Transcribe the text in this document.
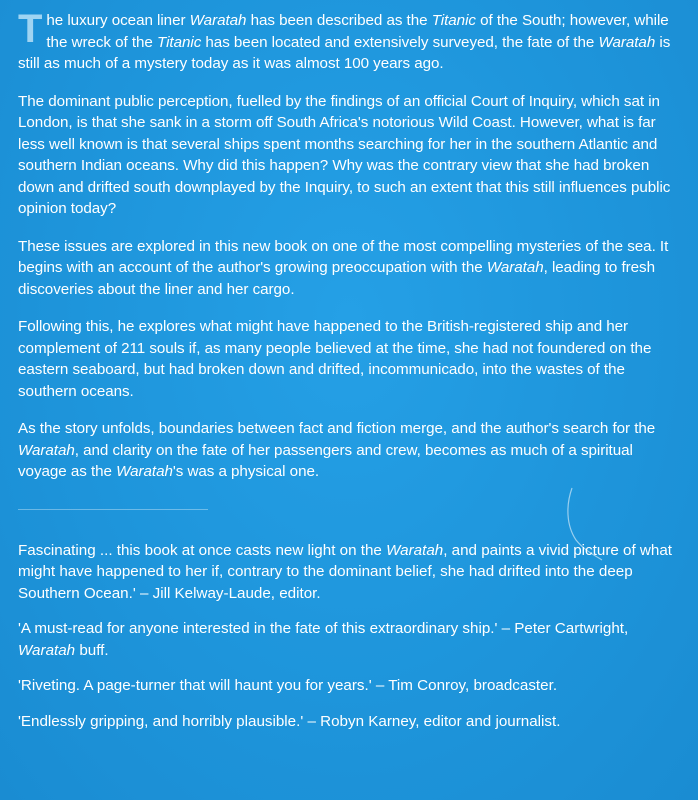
The luxury ocean liner Waratah has been described as the Titanic of the South; however, while the wreck of the Titanic has been located and extensively surveyed, the fate of the Waratah is still as much of a mystery today as it was almost 100 years ago.

The dominant public perception, fuelled by the findings of an official Court of Inquiry, which sat in London, is that she sank in a storm off South Africa's notorious Wild Coast. However, what is far less well known is that several ships spent months searching for her in the southern Atlantic and southern Indian oceans. Why did this happen? Why was the contrary view that she had broken down and drifted south downplayed by the Inquiry, to such an extent that this still influences public opinion today?

These issues are explored in this new book on one of the most compelling mysteries of the sea. It begins with an account of the author's growing preoccupation with the Waratah, leading to fresh discoveries about the liner and her cargo.

Following this, he explores what might have happened to the British-registered ship and her complement of 211 souls if, as many people believed at the time, she had not foundered on the eastern seaboard, but had broken down and drifted, incommunicado, into the wastes of the southern oceans.

As the story unfolds, boundaries between fact and fiction merge, and the author's search for the Waratah, and clarity on the fate of her passengers and crew, becomes as much of a spiritual voyage as the Waratah's was a physical one.

Fascinating ... this book at once casts new light on the Waratah, and paints a vivid picture of what might have happened to her if, contrary to the dominant belief, she had drifted into the deep Southern Ocean.' – Jill Kelway-Laude, editor.

'A must-read for anyone interested in the fate of this extraordinary ship.' – Peter Cartwright, Waratah buff.

'Riveting. A page-turner that will haunt you for years.' – Tim Conroy, broadcaster.

'Endlessly gripping, and horribly plausible.' – Robyn Karney, editor and journalist.
